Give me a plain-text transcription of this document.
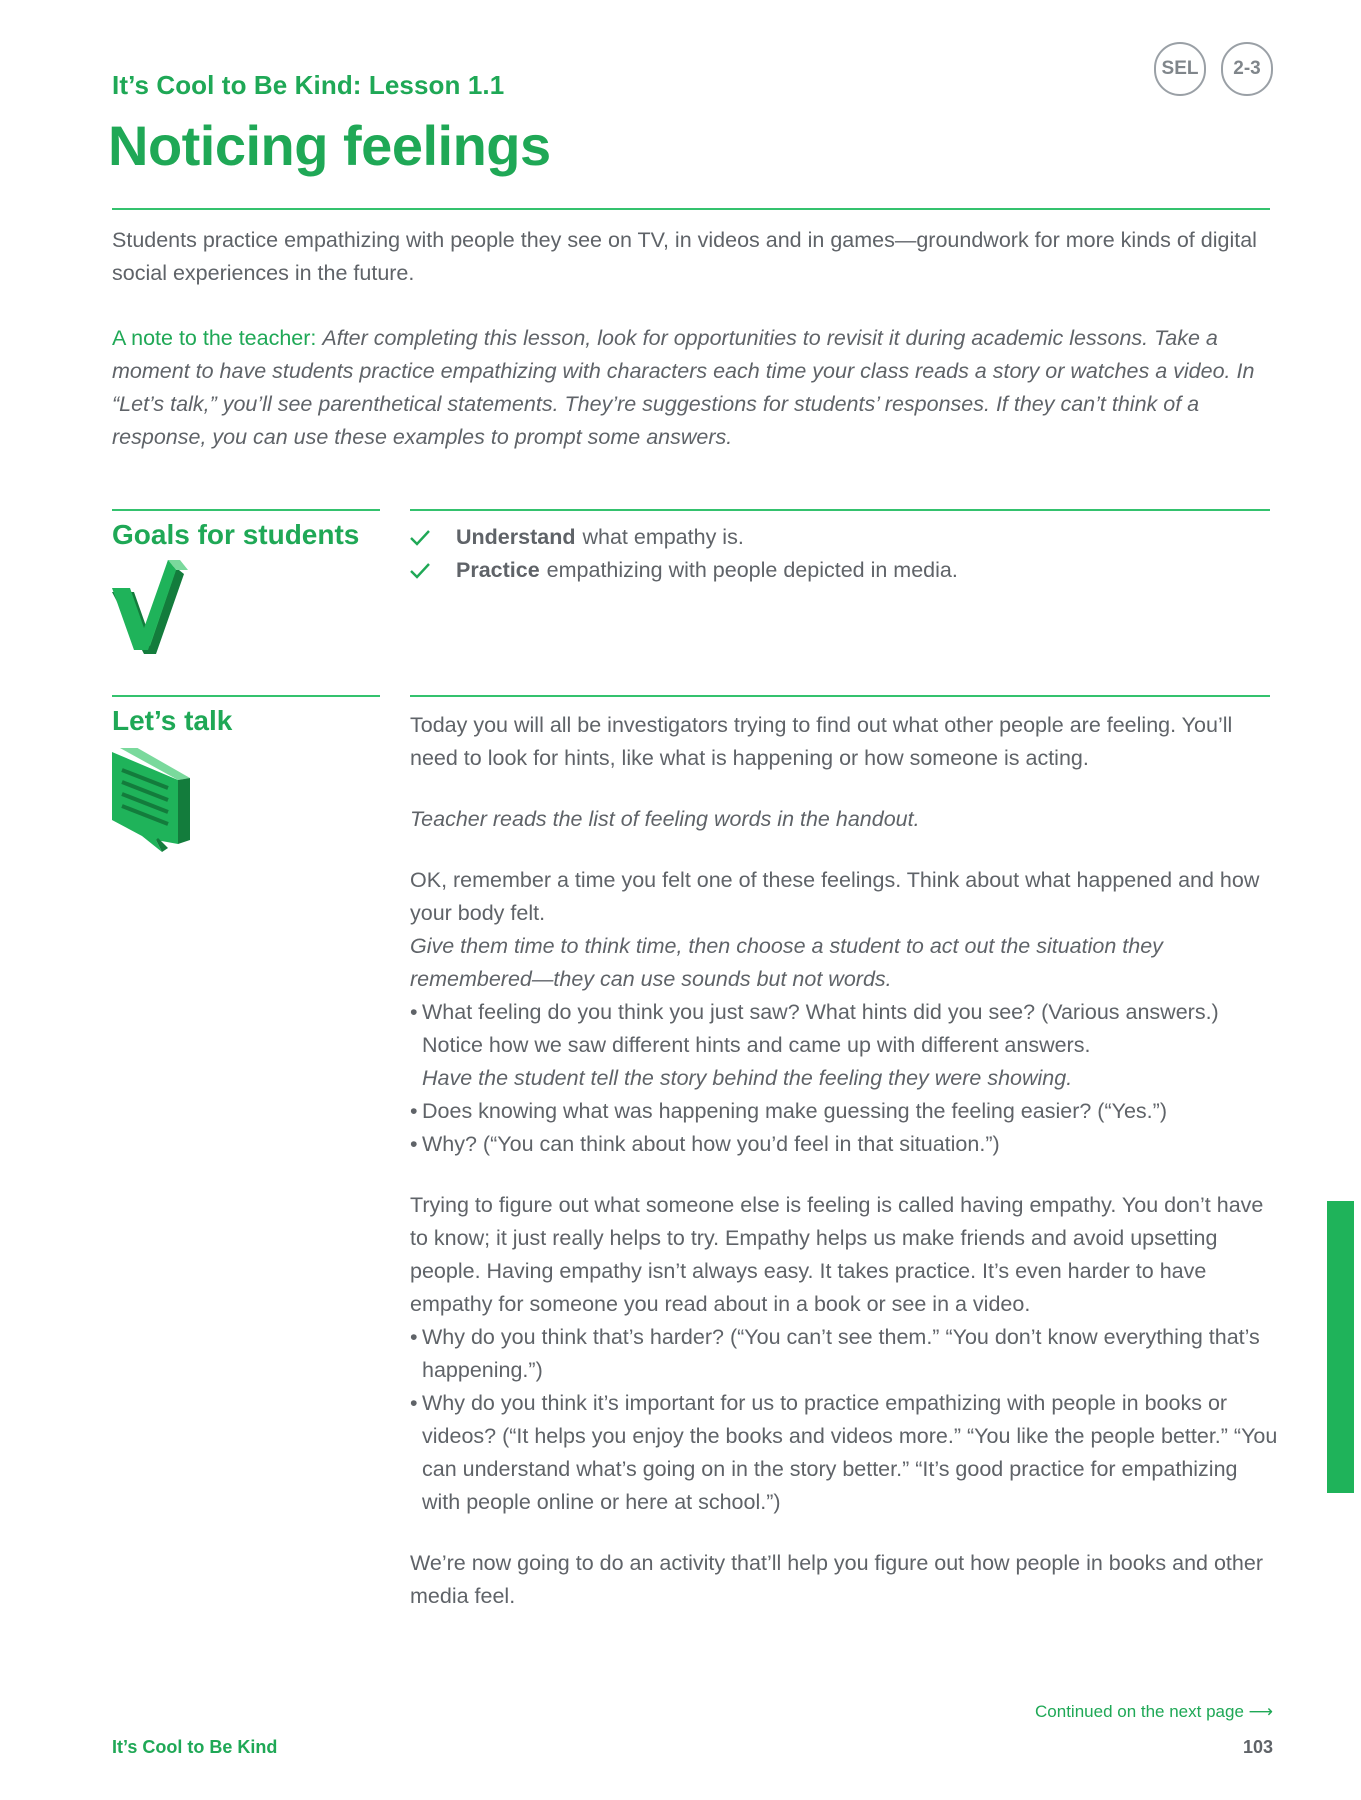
It’s Cool to Be Kind: Lesson 1.1
Noticing feelings
SEL	2-3
Students practice empathizing with people they see on TV, in videos and in games—groundwork for more kinds of digital social experiences in the future.
A note to the teacher: After completing this lesson, look for opportunities to revisit it during academic lessons. Take a moment to have students practice empathizing with characters each time your class reads a story or watches a video. In “Let’s talk,” you’ll see parenthetical statements. They’re suggestions for students’ responses. If they can’t think of a response, you can use these examples to prompt some answers.
Goals for students	Understand what empathy is.
Practice empathizing with people depicted in media.
Let’s talk	Today you will all be investigators trying to find out what other people are feeling. You’ll need to look for hints, like what is happening or how someone is acting.

Teacher reads the list of feeling words in the handout.

OK, remember a time you felt one of these feelings. Think about what happened and how your body felt.

Give them time to think time, then choose a student to act out the situation they remembered—they can use sounds but not words.

• What feeling do you think you just saw? What hints did you see? (Various answers.)
Notice how we saw different hints and came up with different answers.
Have the student tell the story behind the feeling they were showing.
• Does knowing what was happening make guessing the feeling easier? (“Yes.”)
• Why? (“You can think about how you’d feel in that situation.”)

Trying to figure out what someone else is feeling is called having empathy. You don’t have to know; it just really helps to try. Empathy helps us make friends and avoid upsetting people. Having empathy isn’t always easy. It takes practice. It’s even harder to have empathy for someone you read about in a book or see in a video.

• Why do you think that’s harder? (“You can’t see them.” “You don’t know everything that’s happening.”)
• Why do you think it’s important for us to practice empathizing with people in books or videos? (“It helps you enjoy the books and videos more.” “You like the people better.” “You can understand what’s going on in the story better.” “It’s good practice for empathizing with people online or here at school.”)

We’re now going to do an activity that’ll help you figure out how people in books and other media feel.

Continued on the next page ⟶
It’s Cool to Be Kind	103
